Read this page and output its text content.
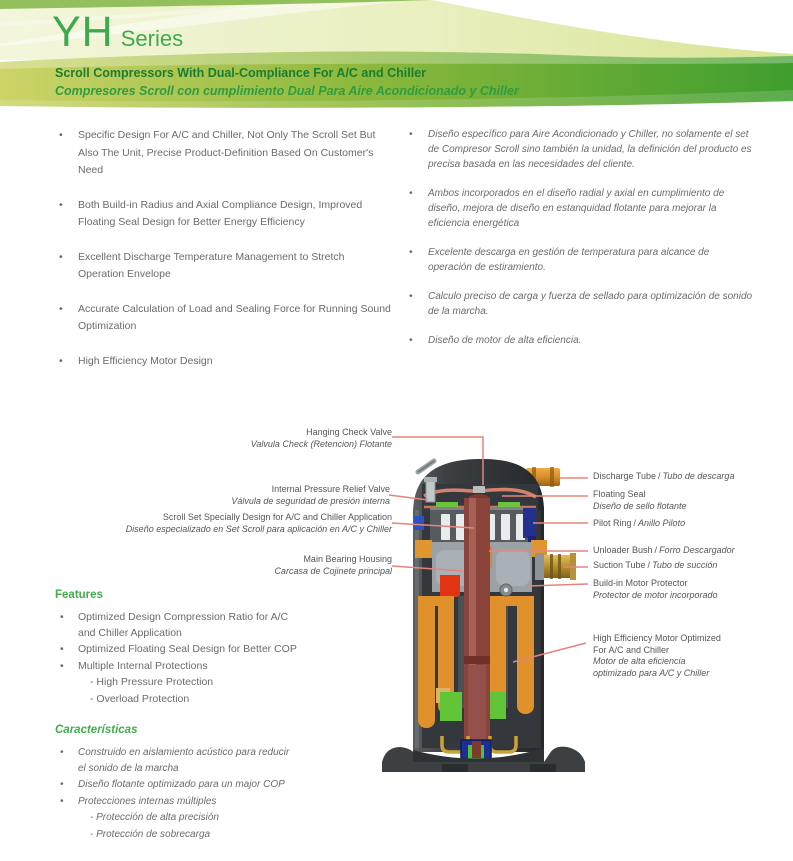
YH Series
Scroll Compressors With Dual-Compliance For A/C and Chiller
Compresores Scroll con cumplimiento Dual Para Aire Acondicionado y Chiller
• Specific Design For A/C and Chiller, Not Only The Scroll Set But Also The Unit, Precise Product-Definition Based On Customer's Need
• Both Build-in Radius and Axial Compliance Design, Improved Floating Seal Design for Better Energy Efficiency
• Excellent Discharge Temperature Management to Stretch Operation Envelope
• Accurate Calculation of Load and Sealing Force for Running Sound Optimization
• High Efficiency Motor Design
• Diseño específico para Aire Acondicionado y Chiller, no solamente el set de Compresor Scroll sino también la unidad, la definición del producto es precisa basada en las necesidades del cliente.
• Ambos incorporados en el diseño radial y axial en cumplimiento de diseño, mejora de diseño en estanquidad flotante para mejorar la eficiencia energética
• Excelente descarga en gestión de temperatura para alcance de operación de estiramiento.
• Calculo preciso de carga y fuerza de sellado para optimización de sonido de la marcha.
• Diseño de motor de alta eficiencia.
Hanging Check Valve
Valvula Check (Retencion) Flotante
Internal Pressure Relief Valve
Válvula de seguridad de presión interna
Scroll Set Specially Design for A/C and Chiller Application
Diseño especializado en Set Scroll para aplicación en A/C y Chiller
Main Bearing Housing
Carcasa de Cojinete principal
Discharge Tube / Tubo de descarga
Floating Seal
Diseño de sello flotante
Pilot Ring / Anillo Piloto
Unloader Bush / Forro Descargador
Suction Tube / Tubo de succión
Build-in Motor Protector
Protector de motor incorporado
High Efficiency Motor Optimized
For A/C and Chiller
Motor de alta eficiencia
optimizado para A/C y Chiller
Features
• Optimized Design Compression Ratio for A/C
and Chiller Application
• Optimized Floating Seal Design for Better COP
• Multiple Internal Protections
- High Pressure Protection
- Overload Protection
Características
• Construido en aislamiento acústico para reducir
el sonido de la marcha
• Diseño flotante optimizado para un major COP
• Protecciones internas múltiples
- Protección de alta precisión
- Protección de sobrecarga
